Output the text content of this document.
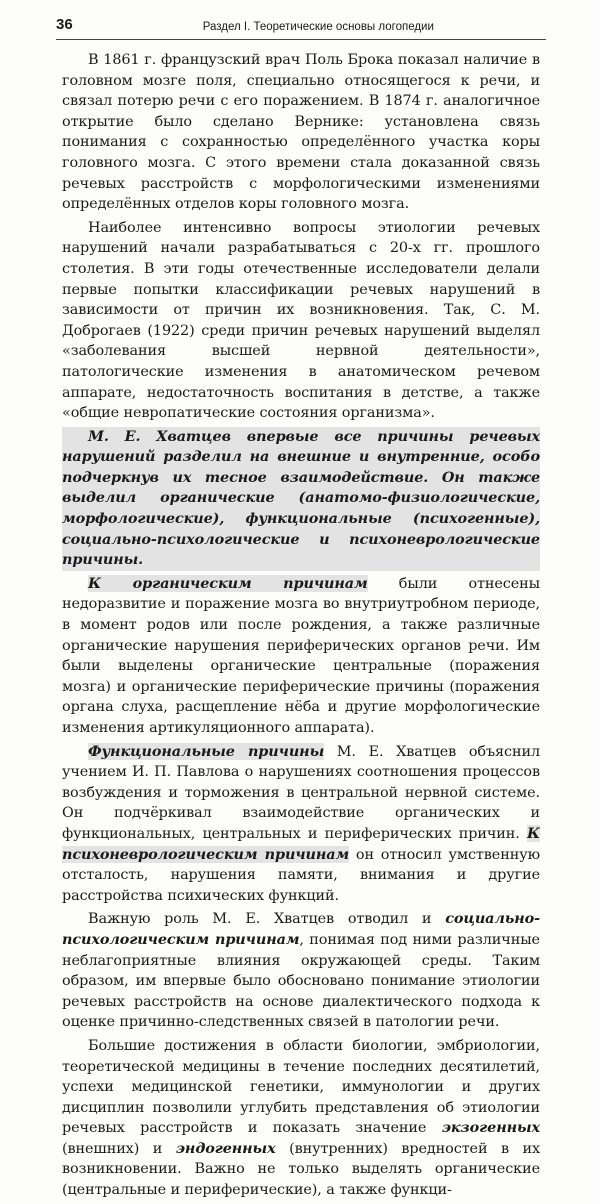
36	Раздел I. Теоретические основы логопедии

В 1861 г. французский врач Поль Брока показал наличие в головном мозге поля, специально относящегося к речи, и связал потерю речи с его поражением. В 1874 г. аналогичное открытие было сделано Вернике: установлена связь понимания с сохранностью определённого участка коры головного мозга. С этого времени стала доказанной связь речевых расстройств с морфологическими изменениями определённых отделов коры головного мозга.

Наиболее интенсивно вопросы этиологии речевых нарушений начали разрабатываться с 20-х гг. прошлого столетия. В эти годы отечественные исследователи делали первые попытки классификации речевых нарушений в зависимости от причин их возникновения. Так, С. М. Доброгаев (1922) среди причин речевых нарушений выделял «заболевания высшей нервной деятельности», патологические изменения в анатомическом речевом аппарате, недостаточность воспитания в детстве, а также «общие невропатические состояния организма».

М. Е. Хватцев впервые все причины речевых нарушений разделил на внешние и внутренние, особо подчеркнув их тесное взаимодействие. Он также выделил органические (анатомо-физиологические, морфологические), функциональные (психогенные), социально-психологические и психоневрологические причины.

К органическим причинам были отнесены недоразвитие и поражение мозга во внутриутробном периоде, в момент родов или после рождения, а также различные органические нарушения периферических органов речи. Им были выделены органические центральные (поражения мозга) и органические периферические причины (поражения органа слуха, расщепление нёба и другие морфологические изменения артикуляционного аппарата).

Функциональные причины М. Е. Хватцев объяснил учением И. П. Павлова о нарушениях соотношения процессов возбуждения и торможения в центральной нервной системе. Он подчёркивал взаимодействие органических и функциональных, центральных и периферических причин. К психоневрологическим причинам он относил умственную отсталость, нарушения памяти, внимания и другие расстройства психических функций.

Важную роль М. Е. Хватцев отводил и социально-психологическим причинам, понимая под ними различные неблагоприятные влияния окружающей среды. Таким образом, им впервые было обосновано понимание этиологии речевых расстройств на основе диалектического подхода к оценке причинно-следственных связей в патологии речи.

Большие достижения в области биологии, эмбриологии, теоретической медицины в течение последних десятилетий, успехи медицинской генетики, иммунологии и других дисциплин позволили углубить представления об этиологии речевых расстройств и показать значение экзогенных (внешних) и эндогенных (внутренних) вредностей в их возникновении. Важно не только выделять органические (центральные и периферические), а также функци-
